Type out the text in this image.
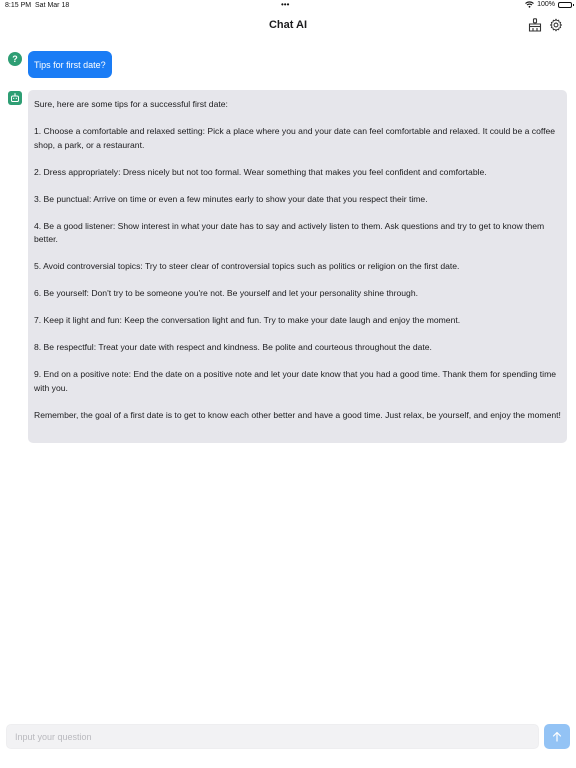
8:15 PM Sat Mar 18	•••	100%
Chat AI
?
Tips for first date?

Sure, here are some tips for a successful first date:

1. Choose a comfortable and relaxed setting: Pick a place where you and your date can feel comfortable and relaxed. It could be a coffee shop, a park, or a restaurant.

2. Dress appropriately: Dress nicely but not too formal. Wear something that makes you feel confident and comfortable.

3. Be punctual: Arrive on time or even a few minutes early to show your date that you respect their time.

4. Be a good listener: Show interest in what your date has to say and actively listen to them. Ask questions and try to get to know them better.

5. Avoid controversial topics: Try to steer clear of controversial topics such as politics or religion on the first date.

6. Be yourself: Don't try to be someone you're not. Be yourself and let your personality shine through.

7. Keep it light and fun: Keep the conversation light and fun. Try to make your date laugh and enjoy the moment.

8. Be respectful: Treat your date with respect and kindness. Be polite and courteous throughout the date.

9. End on a positive note: End the date on a positive note and let your date know that you had a good time. Thank them for spending time with you.

Remember, the goal of a first date is to get to know each other better and have a good time. Just relax, be yourself, and enjoy the moment!

Input your question
